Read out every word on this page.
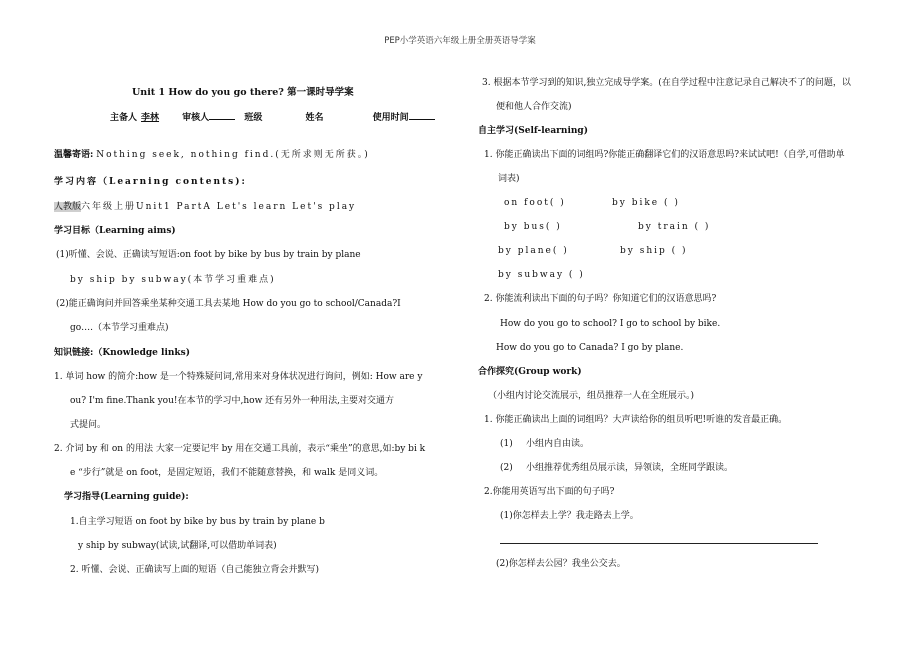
PEP小学英语六年级上册全册英语导学案
Unit 1 How do you go there? 第一课时导学案
主备人 李林	审核人	班级	姓名	使用时间
温馨寄语: Nothing seek, nothing find.(无所求则无所获。)
学习内容（Learning contents):
人教版六年级上册Unit1 PartA Let's learn Let's play
学习目标（Learning aims)
(1)听懂、会说、正确读写短语:on foot by bike by bus by train by plane
by ship by subway(本节学习重难点)
(2)能正确询问并回答乘坐某种交通工具去某地 How do you go to school/Canada?I
go….（本节学习重难点)
知识链接:（Knowledge links)
1. 单词 how 的简介:how 是一个特殊疑问词,常用来对身体状况进行询问，例如: How are y
ou? I'm fine.Thank you!在本节的学习中,how 还有另外一种用法,主要对交通方
式提问。
2. 介词 by 和 on 的用法 大家一定要记牢 by 用在交通工具前，表示“乘坐”的意思,如:by bi k
e “步行”就是 on foot，是固定短语，我们不能随意替换，和 walk 是同义词。
学习指导(Learning guide):
1.自主学习短语 on foot by bike by bus by train by plane b
y ship by subway(试读,试翻译,可以借助单词表)
2. 听懂、会说、正确读写上面的短语（自己能独立背会并默写)
3. 根据本节学习到的知识,独立完成导学案。(在自学过程中注意记录自己解决不了的问题，以
便和他人合作交流)
自主学习(Self-learning)
1. 你能正确读出下面的词组吗?你能正确翻译它们的汉语意思吗?来试试吧!（自学,可借助单
词表)
on foot( )	by bike ( )
by bus( )	by train ( )
by plane( )	by ship ( )
by subway ( )
2. 你能流利读出下面的句子吗？你知道它们的汉语意思吗?
How do you go to school? I go to school by bike.
How do you go to Canada? I go by plane.
合作探究(Group work)
（小组内讨论交流展示，组员推荐一人在全班展示。)
1. 你能正确读出上面的词组吗？大声读给你的组员听吧!听谁的发音最正确。
(1) 小组内自由读。
(2) 小组推荐优秀组员展示读，异领读，全班同学跟读。
2.你能用英语写出下面的句子吗?
(1)你怎样去上学？我走路去上学。
(2)你怎样去公园？我坐公交去。
